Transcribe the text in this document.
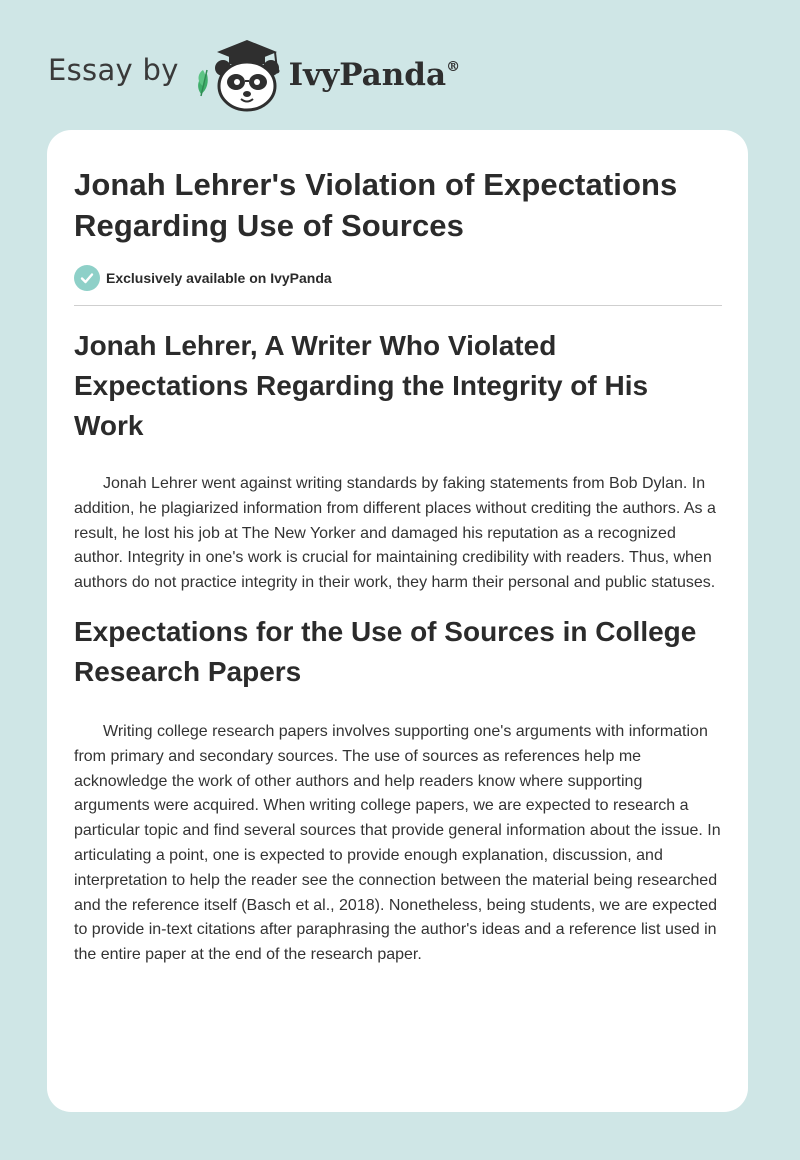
Essay by	IvyPanda®
Jonah Lehrer's Violation of Expectations Regarding Use of Sources
Exclusively available on IvyPanda
Jonah Lehrer, A Writer Who Violated Expectations Regarding the Integrity of His Work

Jonah Lehrer went against writing standards by faking statements from Bob Dylan. In addition, he plagiarized information from different places without crediting the authors. As a result, he lost his job at The New Yorker and damaged his reputation as a recognized author. Integrity in one's work is crucial for maintaining credibility with readers. Thus, when authors do not practice integrity in their work, they harm their personal and public statuses.

Expectations for the Use of Sources in College Research Papers

Writing college research papers involves supporting one's arguments with information from primary and secondary sources. The use of sources as references help me acknowledge the work of other authors and help readers know where supporting arguments were acquired. When writing college papers, we are expected to research a particular topic and find several sources that provide general information about the issue. In articulating a point, one is expected to provide enough explanation, discussion, and interpretation to help the reader see the connection between the material being researched and the reference itself (Basch et al., 2018). Nonetheless, being students, we are expected to provide in-text citations after paraphrasing the author's ideas and a reference list used in the entire paper at the end of the research paper.
